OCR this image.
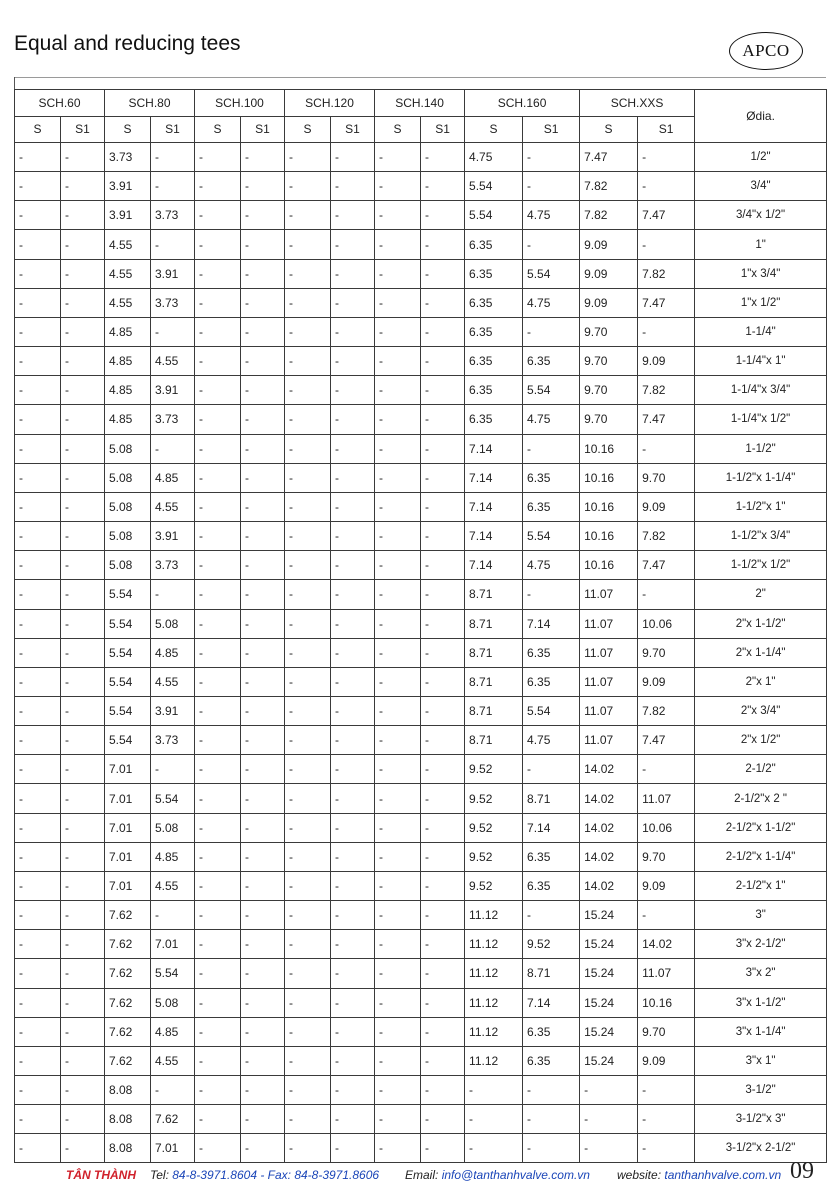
Equal and reducing tees	APCO
SCH.60		SCH.80		SCH.100		SCH.120		SCH.140		SCH.160		SCH.XXS		Ødia.
S	S1	S	S1	S	S1	S	S1	S	S1	S	S1	S	S1	
-	-	3.73	-	-	-	-	-	-	-	4.75	-	7.47	-	1/2"
-	-	3.91	-	-	-	-	-	-	-	5.54	-	7.82	-	3/4"
-	-	3.91	3.73	-	-	-	-	-	-	5.54	4.75	7.82	7.47	3/4"x 1/2"
-	-	4.55	-	-	-	-	-	-	-	6.35	-	9.09	-	1"
-	-	4.55	3.91	-	-	-	-	-	-	6.35	5.54	9.09	7.82	1"x 3/4"
-	-	4.55	3.73	-	-	-	-	-	-	6.35	4.75	9.09	7.47	1"x 1/2"
-	-	4.85	-	-	-	-	-	-	-	6.35	-	9.70	-	1-1/4"
-	-	4.85	4.55	-	-	-	-	-	-	6.35	6.35	9.70	9.09	1-1/4"x 1"
-	-	4.85	3.91	-	-	-	-	-	-	6.35	5.54	9.70	7.82	1-1/4"x 3/4"
-	-	4.85	3.73	-	-	-	-	-	-	6.35	4.75	9.70	7.47	1-1/4"x 1/2"
-	-	5.08	-	-	-	-	-	-	-	7.14	-	10.16	-	1-1/2"
-	-	5.08	4.85	-	-	-	-	-	-	7.14	6.35	10.16	9.70	1-1/2"x 1-1/4"
-	-	5.08	4.55	-	-	-	-	-	-	7.14	6.35	10.16	9.09	1-1/2"x 1"
-	-	5.08	3.91	-	-	-	-	-	-	7.14	5.54	10.16	7.82	1-1/2"x 3/4"
-	-	5.08	3.73	-	-	-	-	-	-	7.14	4.75	10.16	7.47	1-1/2"x 1/2"
-	-	5.54	-	-	-	-	-	-	-	8.71	-	11.07	-	2"
-	-	5.54	5.08	-	-	-	-	-	-	8.71	7.14	11.07	10.06	2"x 1-1/2"
-	-	5.54	4.85	-	-	-	-	-	-	8.71	6.35	11.07	9.70	2"x 1-1/4"
-	-	5.54	4.55	-	-	-	-	-	-	8.71	6.35	11.07	9.09	2"x 1"
-	-	5.54	3.91	-	-	-	-	-	-	8.71	5.54	11.07	7.82	2"x 3/4"
-	-	5.54	3.73	-	-	-	-	-	-	8.71	4.75	11.07	7.47	2"x 1/2"
-	-	7.01	-	-	-	-	-	-	-	9.52	-	14.02	-	2-1/2"
-	-	7.01	5.54	-	-	-	-	-	-	9.52	8.71	14.02	11.07	2-1/2"x 2 "
-	-	7.01	5.08	-	-	-	-	-	-	9.52	7.14	14.02	10.06	2-1/2"x 1-1/2"
-	-	7.01	4.85	-	-	-	-	-	-	9.52	6.35	14.02	9.70	2-1/2"x 1-1/4"
-	-	7.01	4.55	-	-	-	-	-	-	9.52	6.35	14.02	9.09	2-1/2"x 1"
-	-	7.62	-	-	-	-	-	-	-	11.12	-	15.24	-	3"
-	-	7.62	7.01	-	-	-	-	-	-	11.12	9.52	15.24	14.02	3"x 2-1/2"
-	-	7.62	5.54	-	-	-	-	-	-	11.12	8.71	15.24	11.07	3"x 2"
-	-	7.62	5.08	-	-	-	-	-	-	11.12	7.14	15.24	10.16	3"x 1-1/2"
-	-	7.62	4.85	-	-	-	-	-	-	11.12	6.35	15.24	9.70	3"x 1-1/4"
-	-	7.62	4.55	-	-	-	-	-	-	11.12	6.35	15.24	9.09	3"x 1"
-	-	8.08	-	-	-	-	-	-	-	-	-	-	-	3-1/2"
-	-	8.08	7.62	-	-	-	-	-	-	-	-	-	-	3-1/2"x 3"
-	-	8.08	7.01	-	-	-	-	-	-	-	-	-	-	3-1/2"x 2-1/2"
TÂN THÀNH Tel: 84-8-3971.8604 - Fax: 84-8-3971.8606 Email: info@tanthanhvalve.com.vn website: tanthanhvalve.com.vn 09
